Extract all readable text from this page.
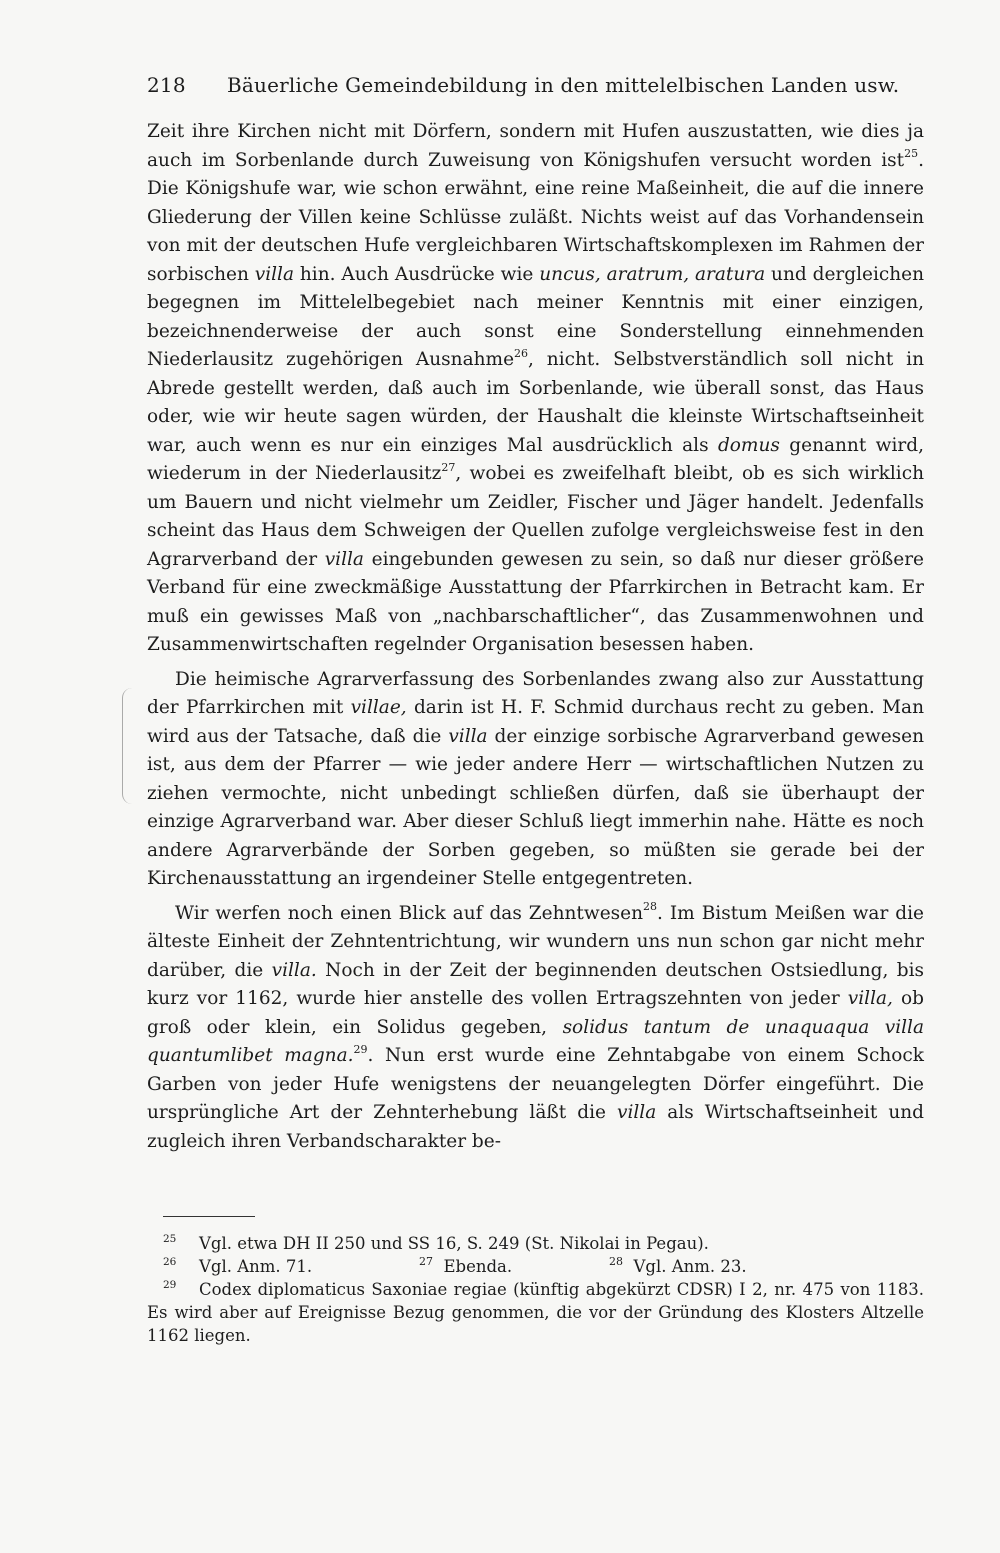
218 Bäuerliche Gemeindebildung in den mittelelbischen Landen usw.

Zeit ihre Kirchen nicht mit Dörfern, sondern mit Hufen auszustatten, wie dies ja auch im Sorbenlande durch Zuweisung von Königshufen versucht worden ist$^{25}$. Die Königshufe war, wie schon erwähnt, eine reine Maßeinheit, die auf die innere Gliederung der Villen keine Schlüsse zuläßt. Nichts weist auf das Vorhandensein von mit der deutschen Hufe vergleichbaren Wirtschaftskomplexen im Rahmen der sorbischen villa hin. Auch Ausdrücke wie uncus, aratrum, aratura und dergleichen begegnen im Mittelelbegebiet nach meiner Kenntnis mit einer einzigen, bezeichnenderweise der auch sonst eine Sonderstellung einnehmenden Niederlausitz zugehörigen Ausnahme$^{26}$, nicht. Selbstverständlich soll nicht in Abrede gestellt werden, daß auch im Sorbenlande, wie überall sonst, das Haus oder, wie wir heute sagen würden, der Haushalt die kleinste Wirtschaftseinheit war, auch wenn es nur ein einziges Mal ausdrücklich als domus genannt wird, wiederum in der Niederlausitz$^{27}$, wobei es zweifelhaft bleibt, ob es sich wirklich um Bauern und nicht vielmehr um Zeidler, Fischer und Jäger handelt. Jedenfalls scheint das Haus dem Schweigen der Quellen zufolge vergleichsweise fest in den Agrarverband der villa eingebunden gewesen zu sein, so daß nur dieser größere Verband für eine zweckmäßige Ausstattung der Pfarrkirchen in Betracht kam. Er muß ein gewisses Maß von „nachbarschaftlicher“, das Zusammenwohnen und Zusammenwirtschaften regelnder Organisation besessen haben.

Die heimische Agrarverfassung des Sorbenlandes zwang also zur Ausstattung der Pfarrkirchen mit villae, darin ist H. F. Schmid durchaus recht zu geben. Man wird aus der Tatsache, daß die villa der einzige sorbische Agrarverband gewesen ist, aus dem der Pfarrer — wie jeder andere Herr — wirtschaftlichen Nutzen zu ziehen vermochte, nicht unbedingt schließen dürfen, daß sie überhaupt der einzige Agrarverband war. Aber dieser Schluß liegt immerhin nahe. Hätte es noch andere Agrarverbände der Sorben gegeben, so müßten sie gerade bei der Kirchenausstattung an irgendeiner Stelle entgegentreten.

Wir werfen noch einen Blick auf das Zehntwesen$^{28}$. Im Bistum Meißen war die älteste Einheit der Zehntentrichtung, wir wundern uns nun schon gar nicht mehr darüber, die villa. Noch in der Zeit der beginnenden deutschen Ostsiedlung, bis kurz vor 1162, wurde hier anstelle des vollen Ertragszehnten von jeder villa, ob groß oder klein, ein Solidus gegeben, solidus tantum de unaquaqua villa quantumlibet magna.$^{29}$. Nun erst wurde eine Zehntabgabe von einem Schock Garben von jeder Hufe wenigstens der neuangelegten Dörfer eingeführt. Die ursprüngliche Art der Zehnterhebung läßt die villa als Wirtschaftseinheit und zugleich ihren Verbandscharakter be-

$^{25}$ Vgl. etwa DH II 250 und SS 16, S. 249 (St. Nikolai in Pegau).

$^{26}$ Vgl. Anm. 71.	$^{27}$ Ebenda.	$^{28}$ Vgl. Anm. 23.

$^{29}$ Codex diplomaticus Saxoniae regiae (künftig abgekürzt CDSR) I 2, nr. 475 von 1183. Es wird aber auf Ereignisse Bezug genommen, die vor der Gründung des Klosters Altzelle 1162 liegen.
